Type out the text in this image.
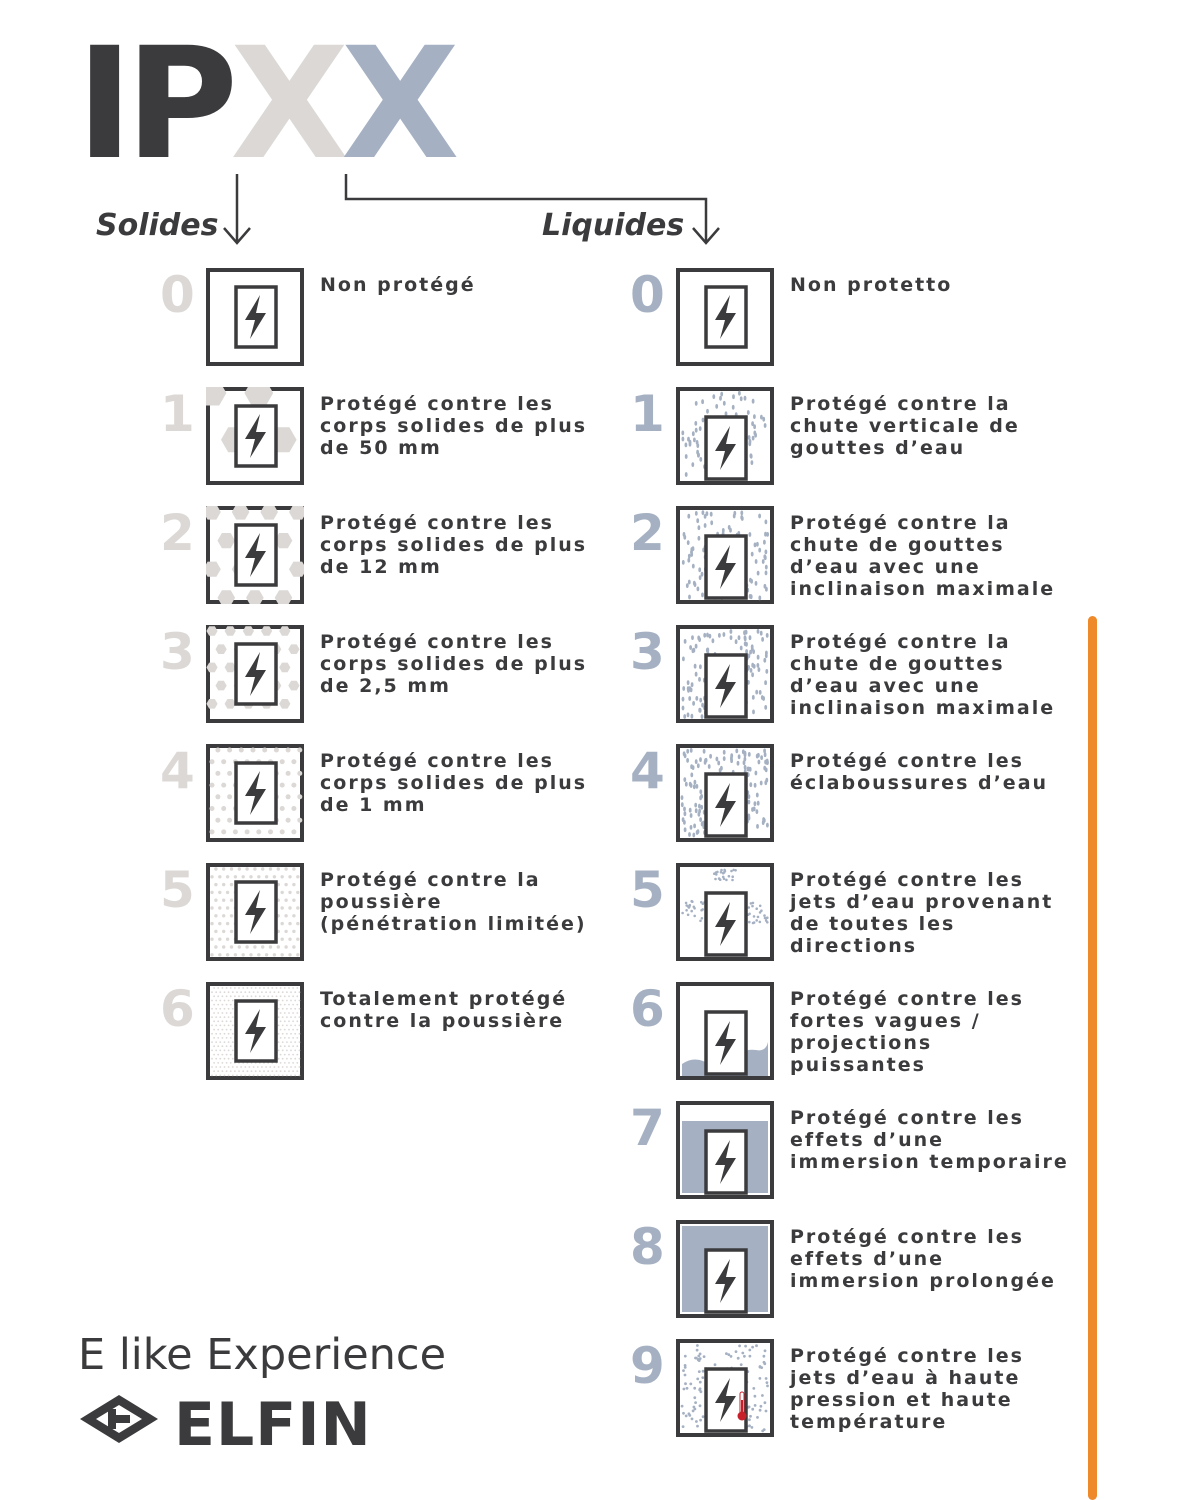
IPXX
Solides	Liquides
0	Non protégé
1	Protégé contre les corps solides de plus de 50 mm
2	Protégé contre les corps solides de plus de 12 mm
3	Protégé contre les corps solides de plus de 2,5 mm
4	Protégé contre les corps solides de plus de 1 mm
5	Protégé contre la poussière (pénétration limitée)
6	Totalement protégé contre la poussière
0	Non protetto
1	Protégé contre la chute verticale de gouttes d’eau
2	Protégé contre la chute de gouttes d’eau avec une inclinaison maximale
3	Protégé contre la chute de gouttes d’eau avec une inclinaison maximale
4	Protégé contre les éclaboussures d’eau
5	Protégé contre les jets d’eau provenant de toutes les directions
6	Protégé contre les fortes vagues / projections puissantes
7	Protégé contre les effets d’une immersion temporaire
8	Protégé contre les effets d’une immersion prolongée
9	Protégé contre les jets d’eau à haute pression et haute température
E like Experience
ELFIN
